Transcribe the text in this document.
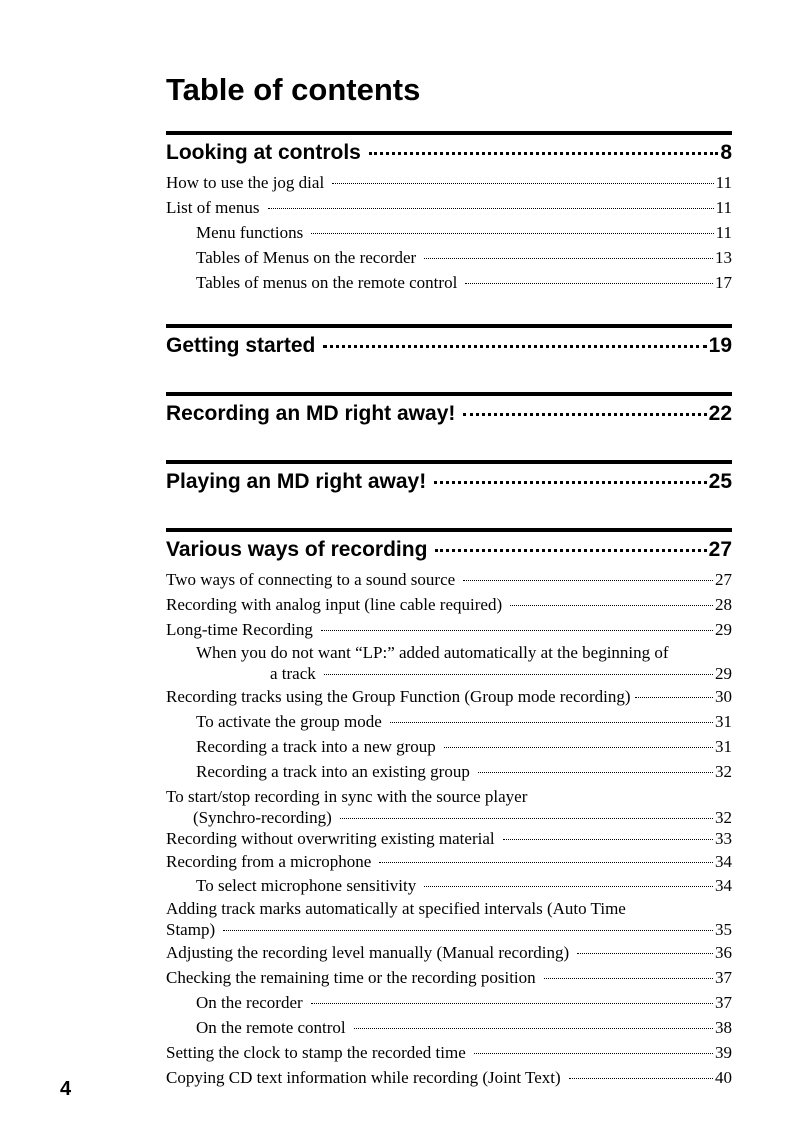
Table of contents
Looking at controls	8
How to use the jog dial	11
List of menus	11
Menu functions	11
Tables of Menus on the recorder	13
Tables of menus on the remote control	17
Getting started	19
Recording an MD right away!	22
Playing an MD right away!	25
Various ways of recording	27
Two ways of connecting to a sound source	27
Recording with analog input (line cable required)	28
Long-time Recording	29
When you do not want “LP:” added automatically at the beginning of
a track	29
Recording tracks using the Group Function (Group mode recording)	30
To activate the group mode	31
Recording a track into a new group	31
Recording a track into an existing group	32
To start/stop recording in sync with the source player
(Synchro-recording)	32
Recording without overwriting existing material	33
Recording from a microphone	34
To select microphone sensitivity	34
Adding track marks automatically at specified intervals (Auto Time
Stamp)	35
Adjusting the recording level manually (Manual recording)	36
Checking the remaining time or the recording position	37
On the recorder	37
On the remote control	38
Setting the clock to stamp the recorded time	39
Copying CD text information while recording (Joint Text)	40
4
